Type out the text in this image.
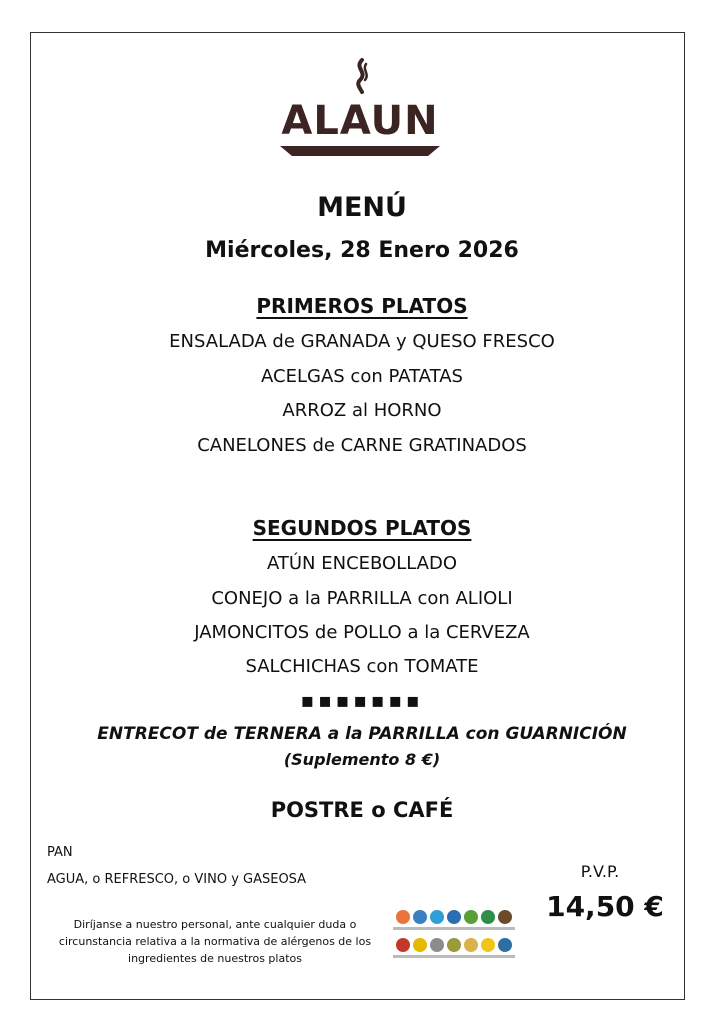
ALAUN
14
MENÚ
Miércoles, 28 Enero 2026
PRIMEROS PLATOS
ENSALADA de GRANADA y QUESO FRESCO
ACELGAS con PATATAS
ARROZ al HORNO
CANELONES de CARNE GRATINADOS
SEGUNDOS PLATOS
ATÚN ENCEBOLLADO
CONEJO a la PARRILLA con ALIOLI
JAMONCITOS de POLLO a la CERVEZA
SALCHICHAS con TOMATE
▪▪▪▪▪▪▪
ENTRECOT de TERNERA a la PARRILLA con GUARNICIÓN
(Suplemento 8 €)
POSTRE o CAFÉ
PAN
AGUA, o REFRESCO, o VINO y GASEOSA	P.V.P.
14,50 €
Diríjanse a nuestro personal, ante cualquier duda o
circunstancia relativa a la normativa de alérgenos de los
ingredientes de nuestros platos
